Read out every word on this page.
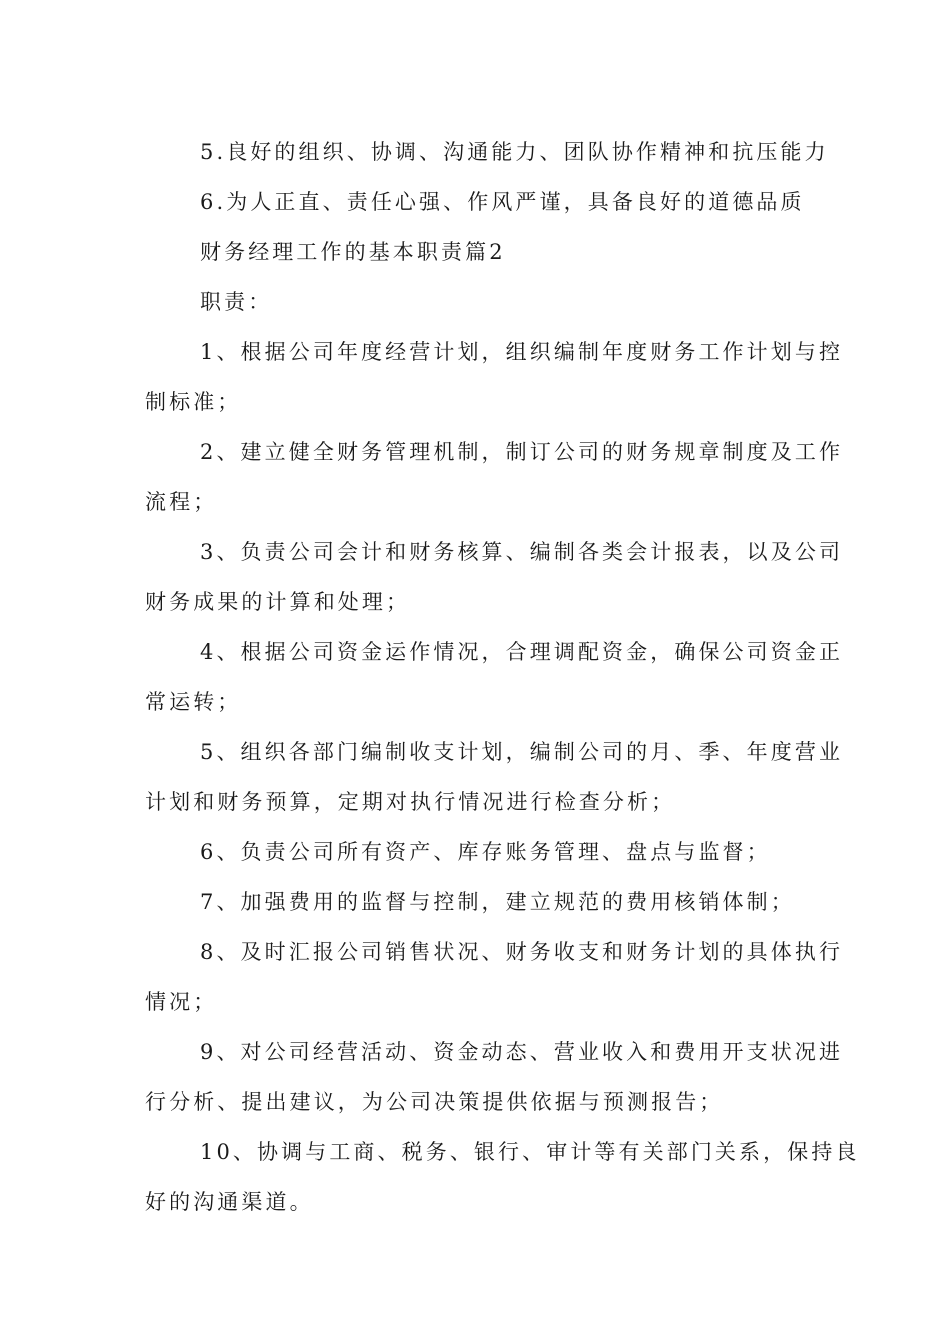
5.良好的组织、协调、沟通能力、团队协作精神和抗压能力

6.为人正直、责任心强、作风严谨，具备良好的道德品质

财务经理工作的基本职责篇2

职责：

1、根据公司年度经营计划，组织编制年度财务工作计划与控

制标准；

2、建立健全财务管理机制，制订公司的财务规章制度及工作

流程；

3、负责公司会计和财务核算、编制各类会计报表，以及公司

财务成果的计算和处理；

4、根据公司资金运作情况，合理调配资金，确保公司资金正

常运转；

5、组织各部门编制收支计划，编制公司的月、季、年度营业

计划和财务预算，定期对执行情况进行检查分析；

6、负责公司所有资产、库存账务管理、盘点与监督；

7、加强费用的监督与控制，建立规范的费用核销体制；

8、及时汇报公司销售状况、财务收支和财务计划的具体执行

情况；

9、对公司经营活动、资金动态、营业收入和费用开支状况进

行分析、提出建议，为公司决策提供依据与预测报告；

10、协调与工商、税务、银行、审计等有关部门关系，保持良

好的沟通渠道。
